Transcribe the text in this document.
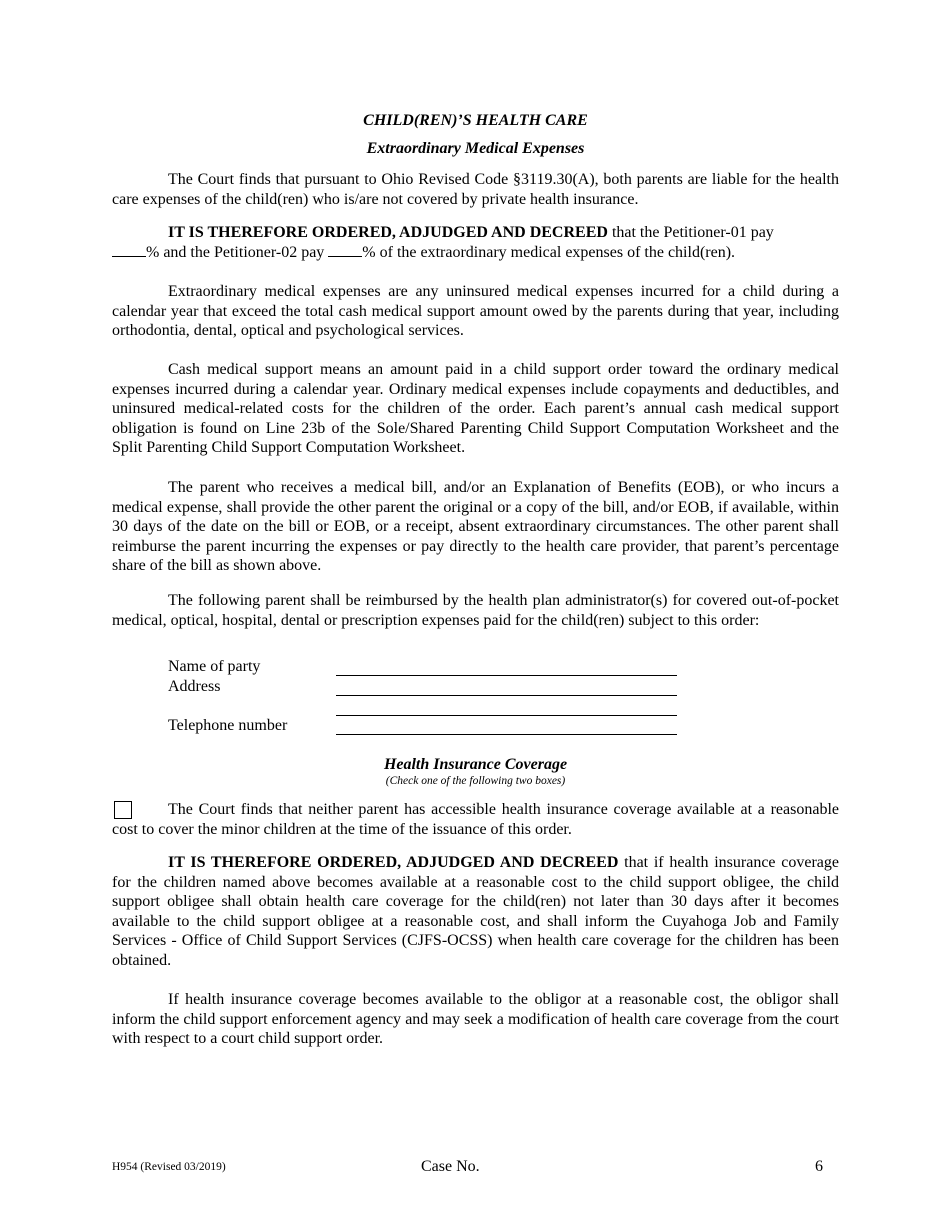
CHILD(REN)’S HEALTH CARE
Extraordinary Medical Expenses

The Court finds that pursuant to Ohio Revised Code §3119.30(A), both parents are liable for the health care expenses of the child(ren) who is/are not covered by private health insurance.

IT IS THEREFORE ORDERED, ADJUDGED AND DECREED that the Petitioner-01 pay

% and the Petitioner-02 pay % of the extraordinary medical expenses of the child(ren).

Extraordinary medical expenses are any uninsured medical expenses incurred for a child during a calendar year that exceed the total cash medical support amount owed by the parents during that year, including orthodontia, dental, optical and psychological services.

Cash medical support means an amount paid in a child support order toward the ordinary medical expenses incurred during a calendar year. Ordinary medical expenses include copayments and deductibles, and uninsured medical-related costs for the children of the order. Each parent’s annual cash medical support obligation is found on Line 23b of the Sole/Shared Parenting Child Support Computation Worksheet and the Split Parenting Child Support Computation Worksheet.

The parent who receives a medical bill, and/or an Explanation of Benefits (EOB), or who incurs a medical expense, shall provide the other parent the original or a copy of the bill, and/or EOB, if available, within 30 days of the date on the bill or EOB, or a receipt, absent extraordinary circumstances. The other parent shall reimburse the parent incurring the expenses or pay directly to the health care provider, that parent’s percentage share of the bill as shown above.

The following parent shall be reimbursed by the health plan administrator(s) for covered out-of-pocket medical, optical, hospital, dental or prescription expenses paid for the child(ren) subject to this order:

Name of party
Address
Telephone number
Health Insurance Coverage
(Check one of the following two boxes)

The Court finds that neither parent has accessible health insurance coverage available at a reasonable cost to cover the minor children at the time of the issuance of this order.

IT IS THEREFORE ORDERED, ADJUDGED AND DECREED that if health insurance coverage for the children named above becomes available at a reasonable cost to the child support obligee, the child support obligee shall obtain health care coverage for the child(ren) not later than 30 days after it becomes available to the child support obligee at a reasonable cost, and shall inform the Cuyahoga Job and Family Services - Office of Child Support Services (CJFS-OCSS) when health care coverage for the children has been obtained.

If health insurance coverage becomes available to the obligor at a reasonable cost, the obligor shall inform the child support enforcement agency and may seek a modification of health care coverage from the court with respect to a court child support order.

H954 (Revised 03/2019)	Case No.	6
